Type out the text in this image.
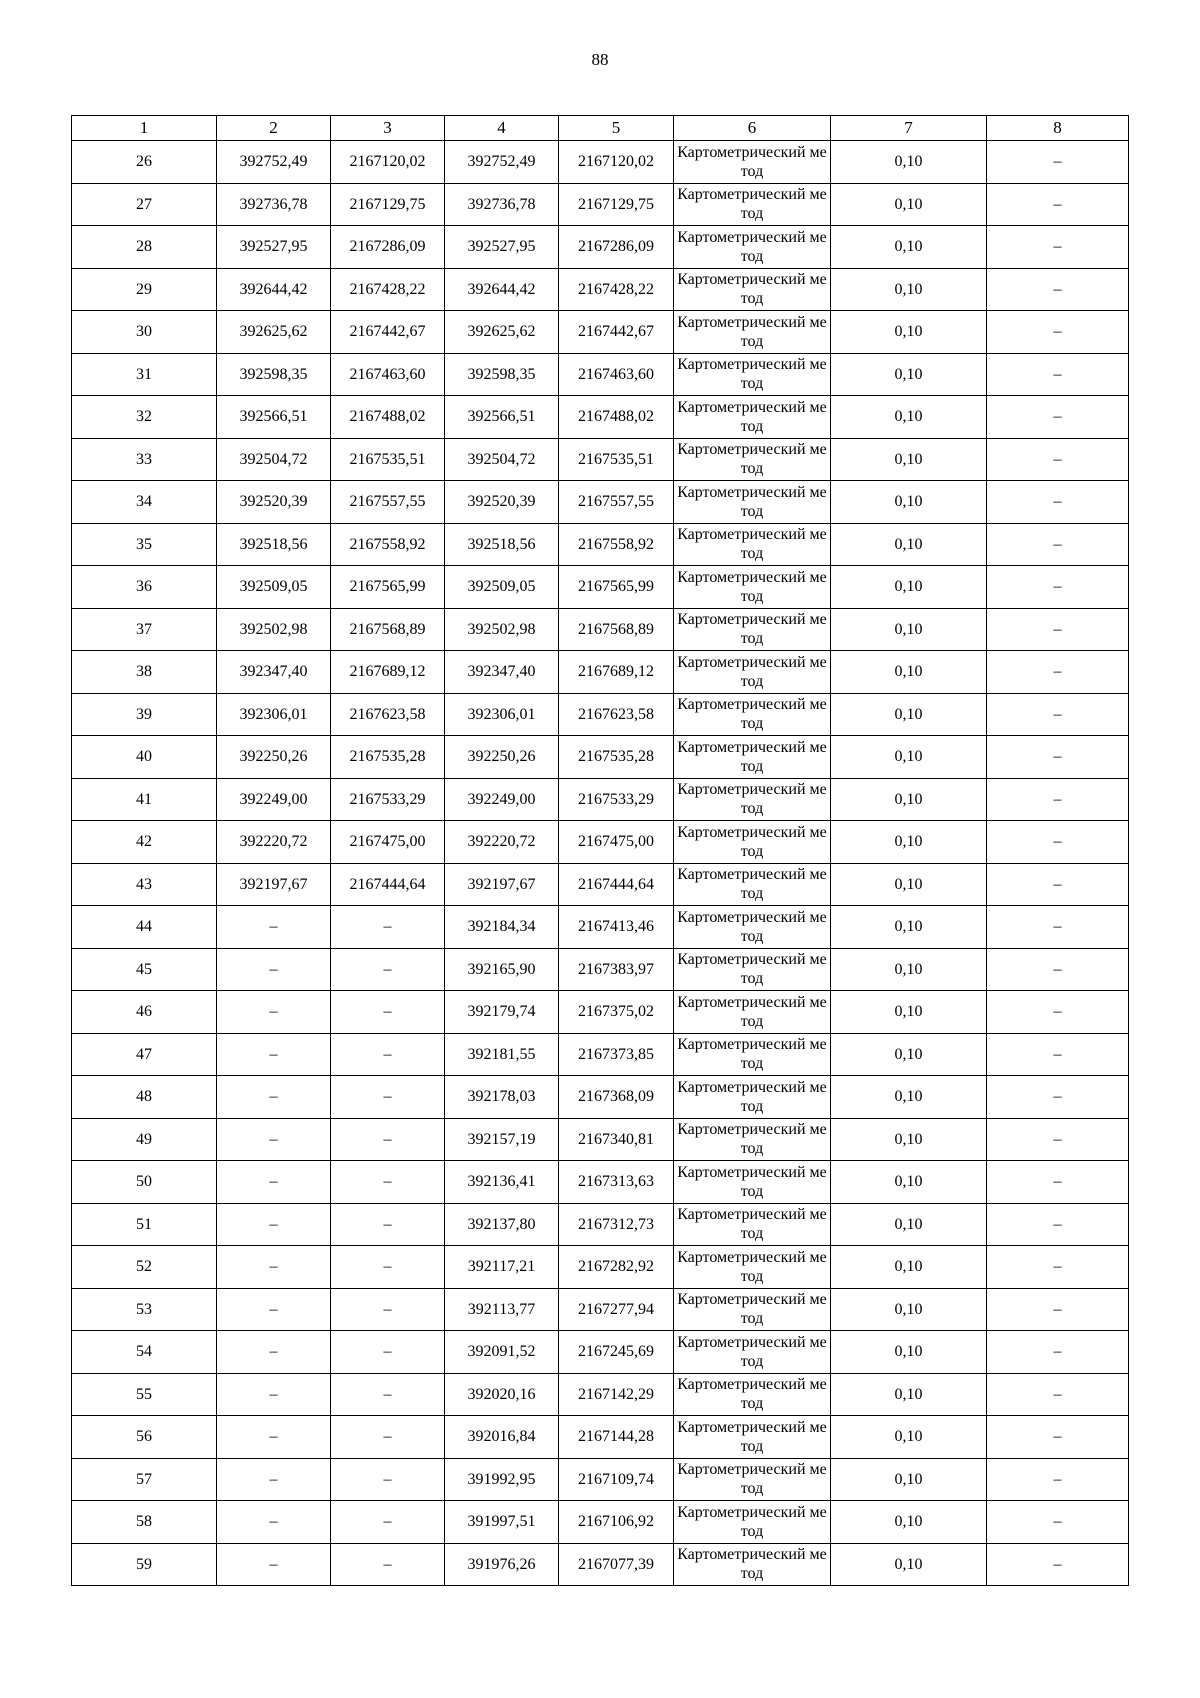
88
1	2	3	4	5	6	7	8
26	392752,49	2167120,02	392752,49	2167120,02	Картометрический метод	0,10	–
27	392736,78	2167129,75	392736,78	2167129,75	Картометрический метод	0,10	–
28	392527,95	2167286,09	392527,95	2167286,09	Картометрический метод	0,10	–
29	392644,42	2167428,22	392644,42	2167428,22	Картометрический метод	0,10	–
30	392625,62	2167442,67	392625,62	2167442,67	Картометрический метод	0,10	–
31	392598,35	2167463,60	392598,35	2167463,60	Картометрический метод	0,10	–
32	392566,51	2167488,02	392566,51	2167488,02	Картометрический метод	0,10	–
33	392504,72	2167535,51	392504,72	2167535,51	Картометрический метод	0,10	–
34	392520,39	2167557,55	392520,39	2167557,55	Картометрический метод	0,10	–
35	392518,56	2167558,92	392518,56	2167558,92	Картометрический метод	0,10	–
36	392509,05	2167565,99	392509,05	2167565,99	Картометрический метод	0,10	–
37	392502,98	2167568,89	392502,98	2167568,89	Картометрический метод	0,10	–
38	392347,40	2167689,12	392347,40	2167689,12	Картометрический метод	0,10	–
39	392306,01	2167623,58	392306,01	2167623,58	Картометрический метод	0,10	–
40	392250,26	2167535,28	392250,26	2167535,28	Картометрический метод	0,10	–
41	392249,00	2167533,29	392249,00	2167533,29	Картометрический метод	0,10	–
42	392220,72	2167475,00	392220,72	2167475,00	Картометрический метод	0,10	–
43	392197,67	2167444,64	392197,67	2167444,64	Картометрический метод	0,10	–
44	–	–	392184,34	2167413,46	Картометрический метод	0,10	–
45	–	–	392165,90	2167383,97	Картометрический метод	0,10	–
46	–	–	392179,74	2167375,02	Картометрический метод	0,10	–
47	–	–	392181,55	2167373,85	Картометрический метод	0,10	–
48	–	–	392178,03	2167368,09	Картометрический метод	0,10	–
49	–	–	392157,19	2167340,81	Картометрический метод	0,10	–
50	–	–	392136,41	2167313,63	Картометрический метод	0,10	–
51	–	–	392137,80	2167312,73	Картометрический метод	0,10	–
52	–	–	392117,21	2167282,92	Картометрический метод	0,10	–
53	–	–	392113,77	2167277,94	Картометрический метод	0,10	–
54	–	–	392091,52	2167245,69	Картометрический метод	0,10	–
55	–	–	392020,16	2167142,29	Картометрический метод	0,10	–
56	–	–	392016,84	2167144,28	Картометрический метод	0,10	–
57	–	–	391992,95	2167109,74	Картометрический метод	0,10	–
58	–	–	391997,51	2167106,92	Картометрический метод	0,10	–
59	–	–	391976,26	2167077,39	Картометрический метод	0,10	–
